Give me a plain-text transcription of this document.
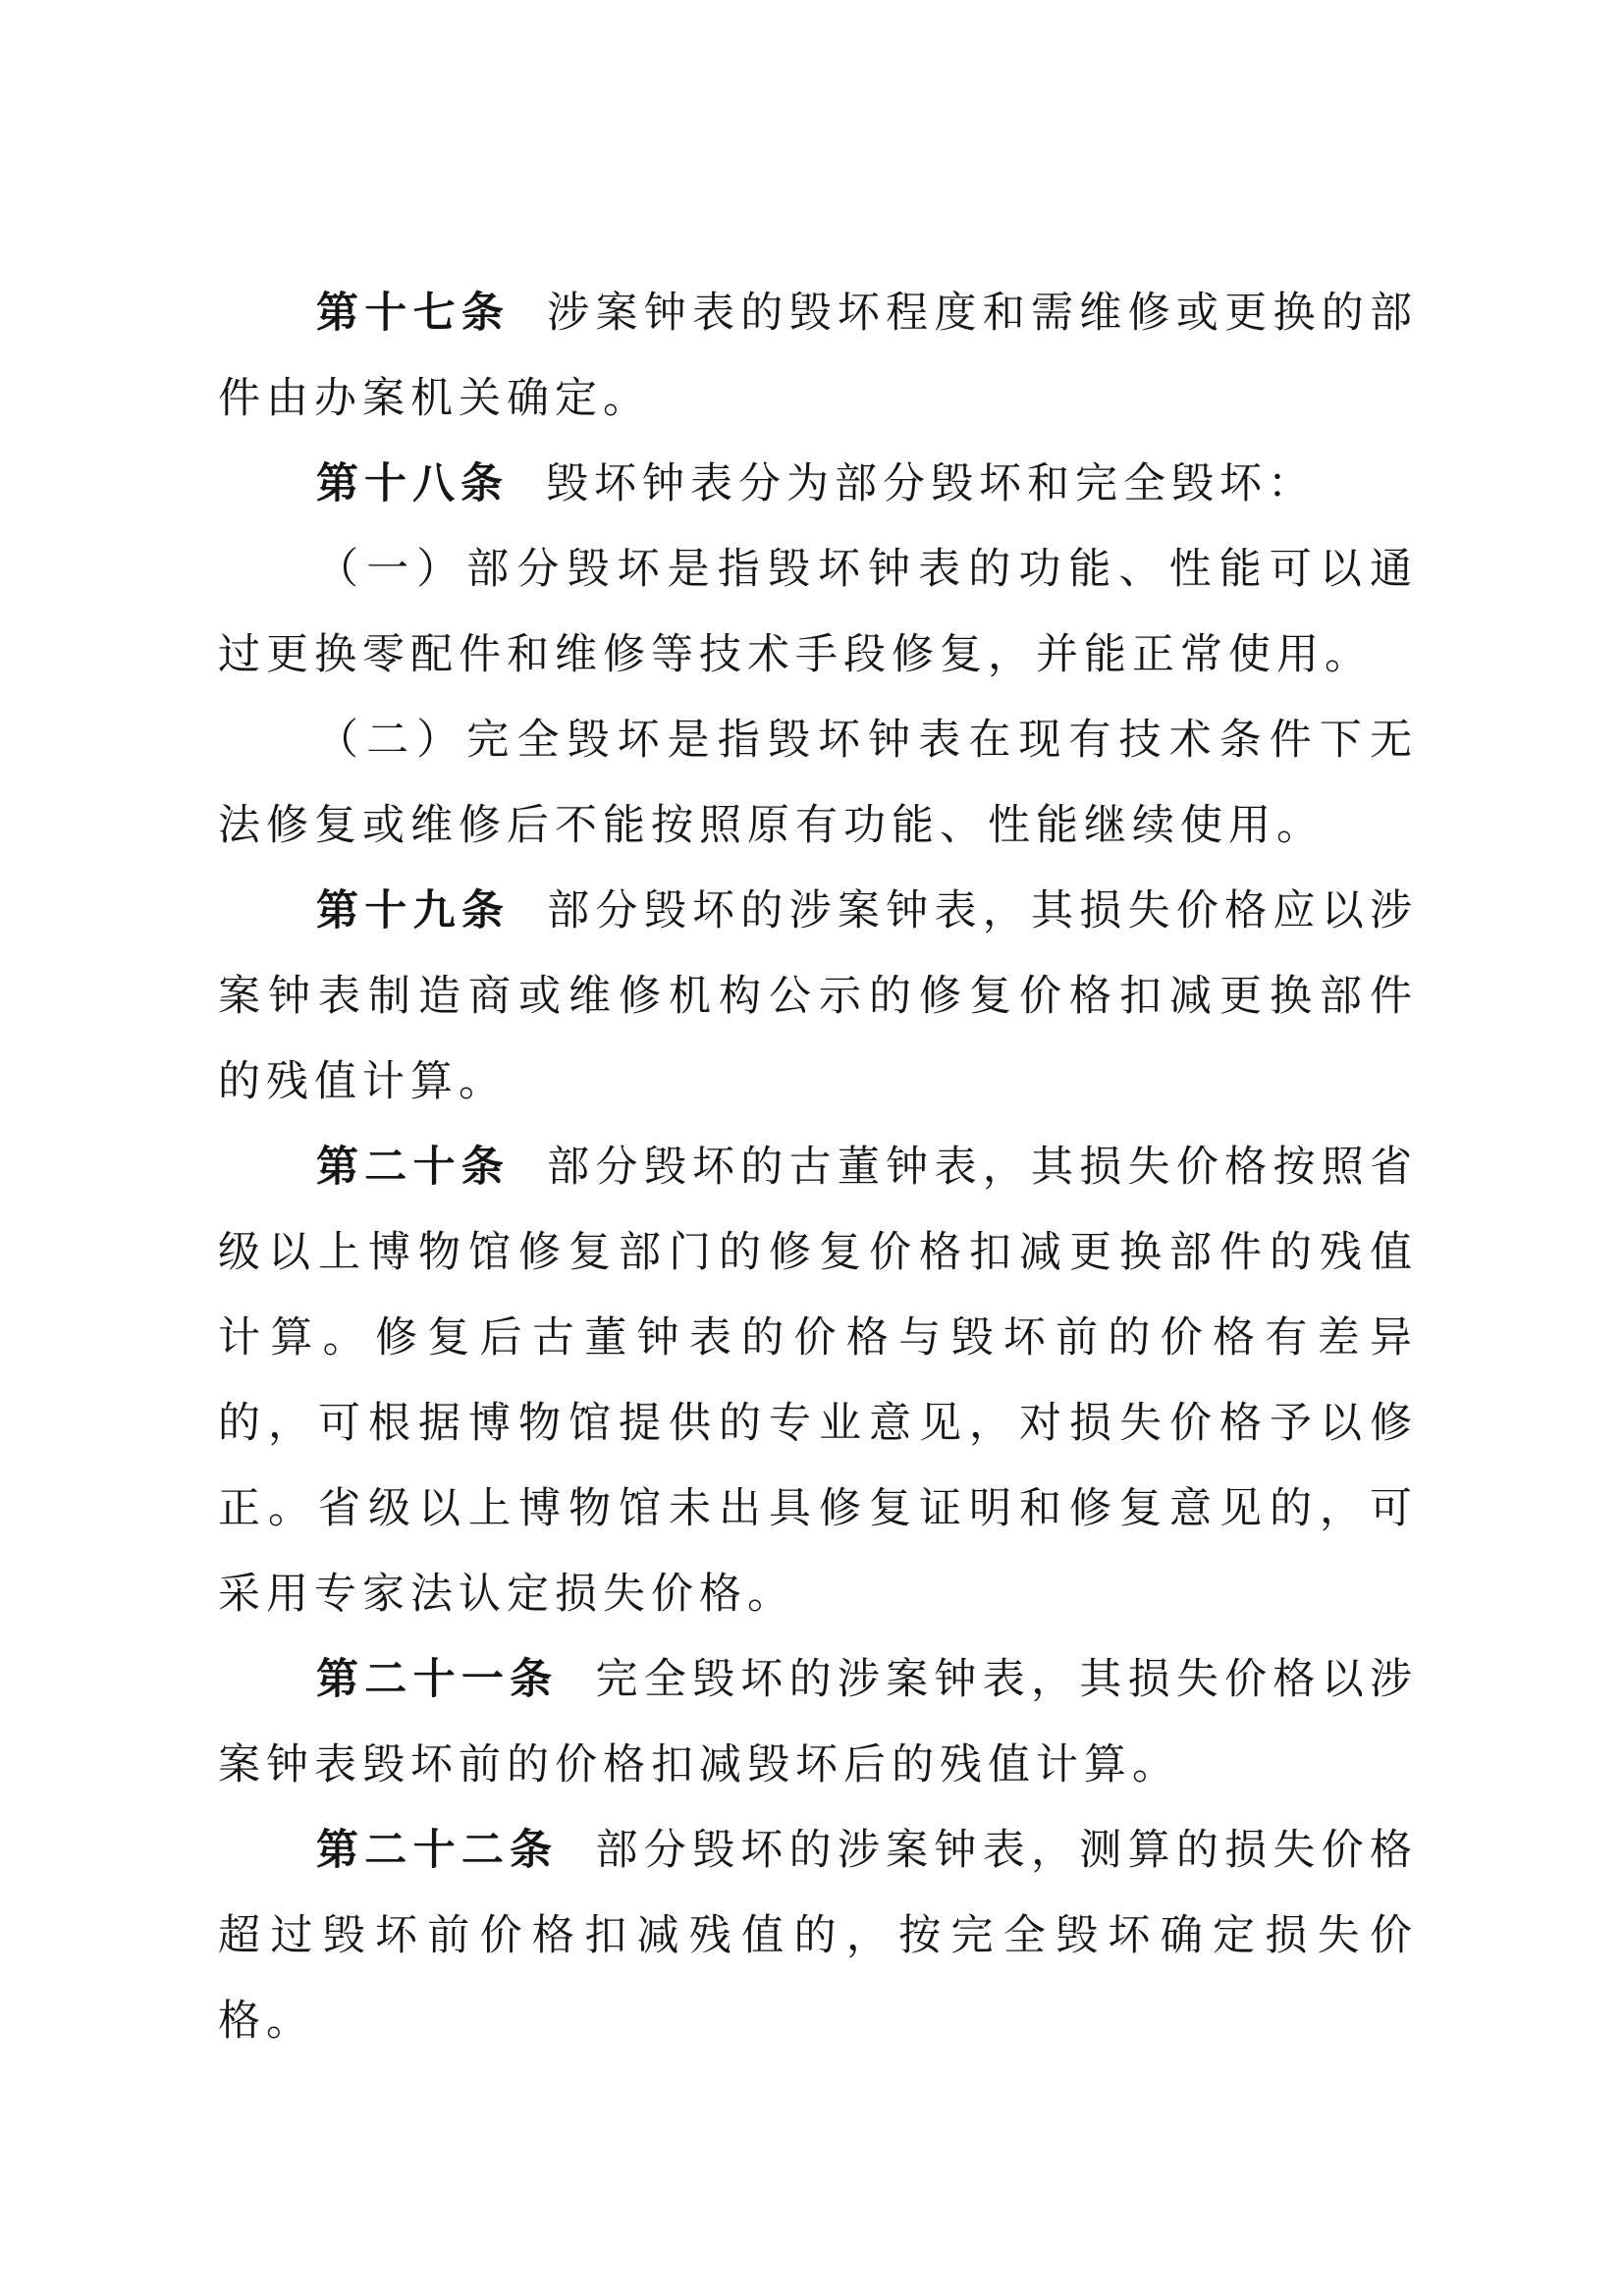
第十七条 涉案钟表的毁坏程度和需维修或更换的部件由办案机关确定。

第十八条 毁坏钟表分为部分毁坏和完全毁坏：

（一）部分毁坏是指毁坏钟表的功能、性能可以通过更换零配件和维修等技术手段修复，并能正常使用。

（二）完全毁坏是指毁坏钟表在现有技术条件下无法修复或维修后不能按照原有功能、性能继续使用。

第十九条 部分毁坏的涉案钟表，其损失价格应以涉案钟表制造商或维修机构公示的修复价格扣减更换部件的残值计算。

第二十条 部分毁坏的古董钟表，其损失价格按照省级以上博物馆修复部门的修复价格扣减更换部件的残值计算。修复后古董钟表的价格与毁坏前的价格有差异的，可根据博物馆提供的专业意见，对损失价格予以修正。省级以上博物馆未出具修复证明和修复意见的，可采用专家法认定损失价格。

第二十一条 完全毁坏的涉案钟表，其损失价格以涉案钟表毁坏前的价格扣减毁坏后的残值计算。

第二十二条 部分毁坏的涉案钟表，测算的损失价格超过毁坏前价格扣减残值的，按完全毁坏确定损失价格。
